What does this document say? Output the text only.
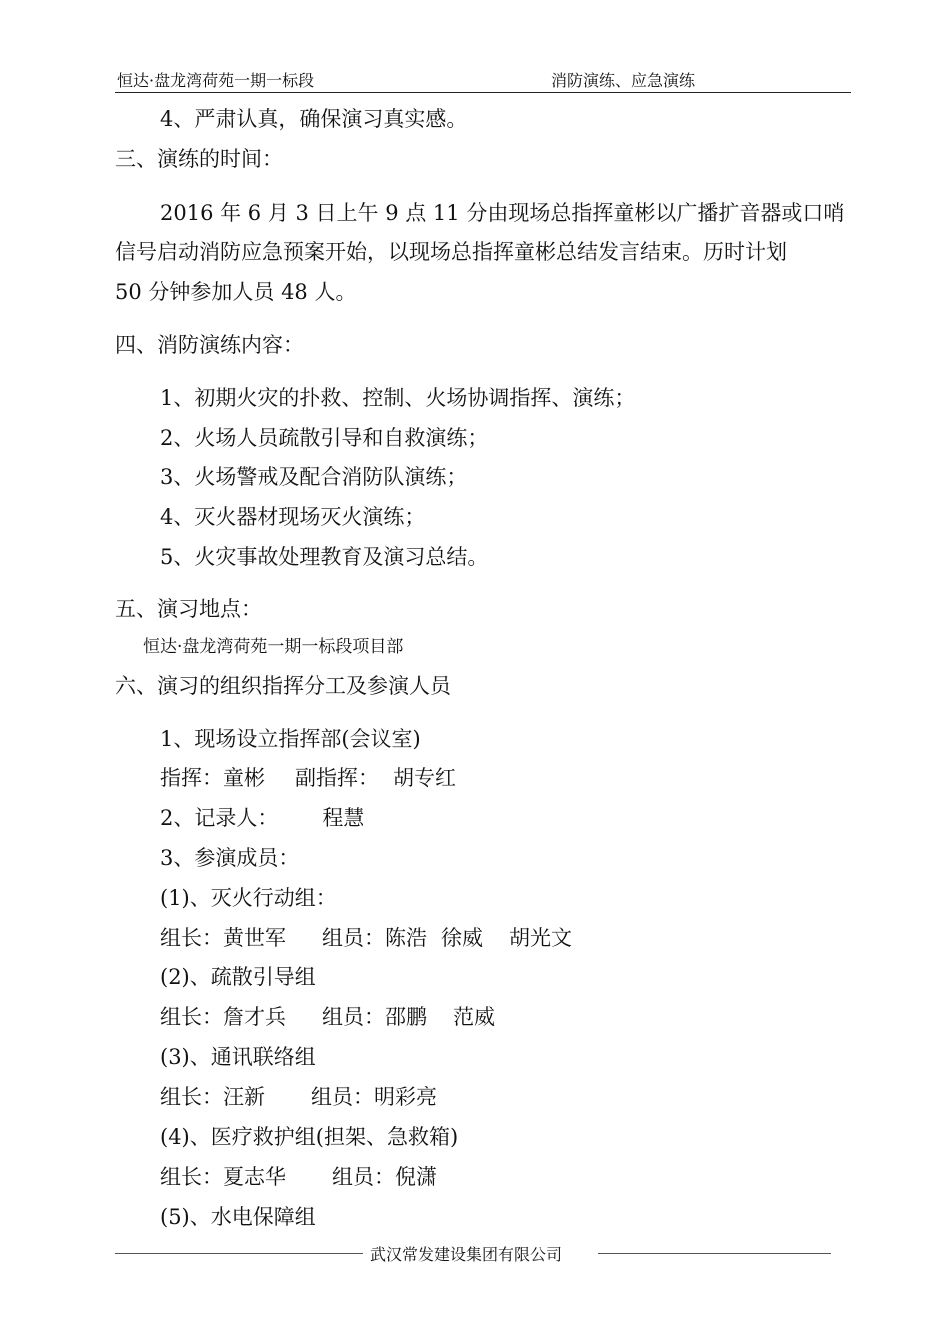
恒达·盘龙湾荷苑一期一标段	消防演练、应急演练
4、严肃认真，确保演习真实感。
三、演练的时间：
2016 年 6 月 3 日上午 9 点 11 分由现场总指挥童彬以广播扩音器或口哨
信号启动消防应急预案开始，以现场总指挥童彬总结发言结束。历时计划
50 分钟参加人员 48 人。
四、消防演练内容：
1、初期火灾的扑救、控制、火场协调指挥、演练；
2、火场人员疏散引导和自救演练；
3、火场警戒及配合消防队演练；
4、灭火器材现场灭火演练；
5、火灾事故处理教育及演习总结。
五、演习地点：
恒达·盘龙湾荷苑一期一标段项目部
六、演习的组织指挥分工及参演人员
1、现场设立指挥部(会议室)
指挥：童彬 副指挥： 胡专红
2、记录人： 程慧
3、参演成员：
(1)、灭火行动组：
组长：黄世军 组员：陈浩 徐威 胡光文
(2)、疏散引导组
组长：詹才兵 组员：邵鹏 范威
(3)、通讯联络组
组长：汪新 组员：明彩亮
(4)、医疗救护组(担架、急救箱)
组长：夏志华 组员：倪潇
(5)、水电保障组
武汉常发建设集团有限公司
